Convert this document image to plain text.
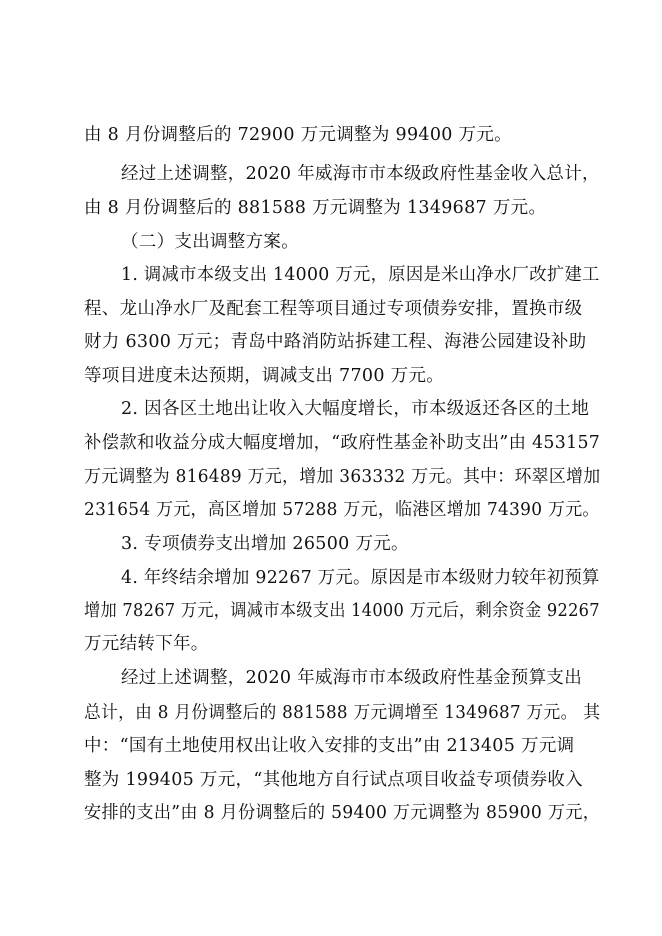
由 8 月份调整后的 72900 万元调整为 99400 万元。
经过上述调整，2020 年威海市市本级政府性基金收入总计，
由 8 月份调整后的 881588 万元调整为 1349687 万元。
（二）支出调整方案。
1. 调减市本级支出 14000 万元，原因是米山净水厂改扩建工
程、龙山净水厂及配套工程等项目通过专项债券安排，置换市级
财力 6300 万元；青岛中路消防站拆建工程、海港公园建设补助
等项目进度未达预期，调减支出 7700 万元。
2. 因各区土地出让收入大幅度增长，市本级返还各区的土地
补偿款和收益分成大幅度增加，“政府性基金补助支出”由 453157
万元调整为 816489 万元，增加 363332 万元。其中：环翠区增加
231654 万元，高区增加 57288 万元，临港区增加 74390 万元。
3. 专项债券支出增加 26500 万元。
4. 年终结余增加 92267 万元。原因是市本级财力较年初预算
增加 78267 万元，调减市本级支出 14000 万元后，剩余资金 92267
万元结转下年。
经过上述调整，2020 年威海市市本级政府性基金预算支出
总计，由 8 月份调整后的 881588 万元调增至 1349687 万元。 其
中：“国有土地使用权出让收入安排的支出”由 213405 万元调
整为 199405 万元，“其他地方自行试点项目收益专项债券收入
安排的支出”由 8 月份调整后的 59400 万元调整为 85900 万元，
